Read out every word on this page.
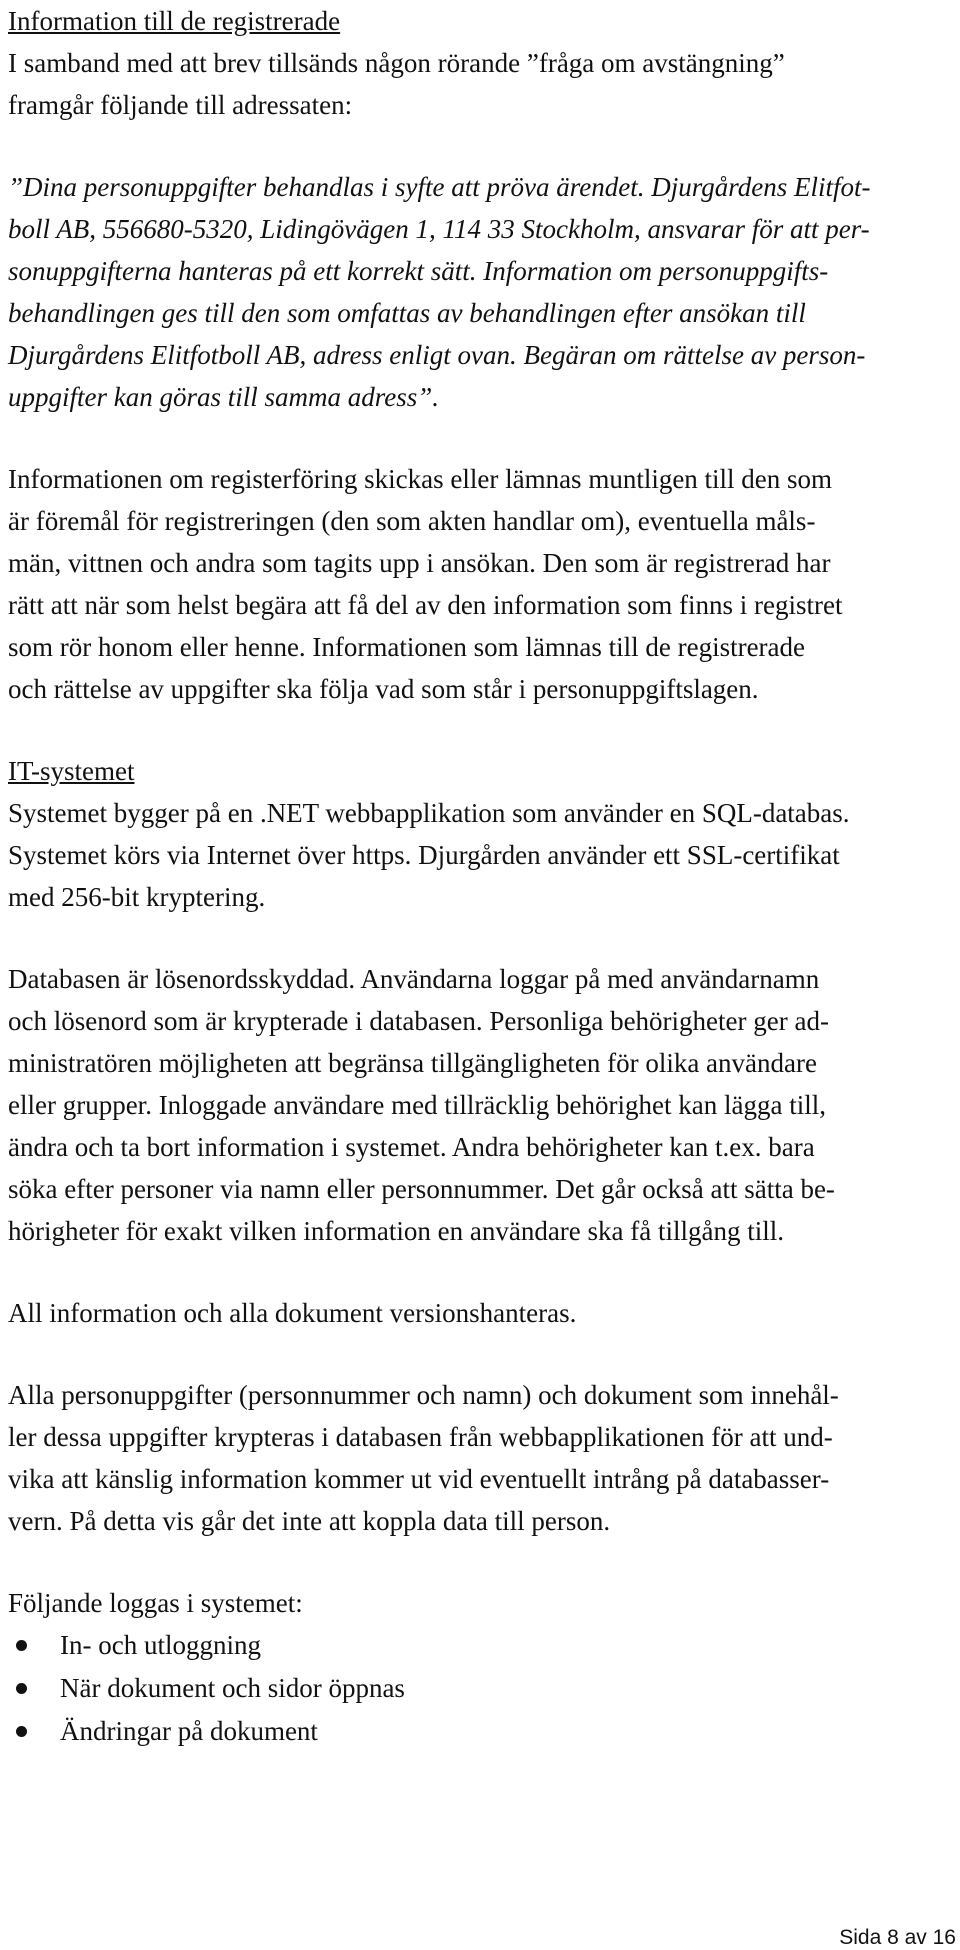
Information till de registrerade

I samband med att brev tillsänds någon rörande ”fråga om avstängning”

framgår följande till adressaten:

”Dina personuppgifter behandlas i syfte att pröva ärendet. Djurgårdens Elitfot-

boll AB, 556680-5320, Lidingövägen 1, 114 33 Stockholm, ansvarar för att per-

sonuppgifterna hanteras på ett korrekt sätt. Information om personuppgifts-

behandlingen ges till den som omfattas av behandlingen efter ansökan till

Djurgårdens Elitfotboll AB, adress enligt ovan. Begäran om rättelse av person-

uppgifter kan göras till samma adress”.

Informationen om registerföring skickas eller lämnas muntligen till den som

är föremål för registreringen (den som akten handlar om), eventuella måls-

män, vittnen och andra som tagits upp i ansökan. Den som är registrerad har

rätt att när som helst begära att få del av den information som finns i registret

som rör honom eller henne. Informationen som lämnas till de registrerade

och rättelse av uppgifter ska följa vad som står i personuppgiftslagen.

IT-systemet

Systemet bygger på en .NET webbapplikation som använder en SQL-databas.

Systemet körs via Internet över https. Djurgården använder ett SSL-certifikat

med 256-bit kryptering.

Databasen är lösenordsskyddad. Användarna loggar på med användarnamn

och lösenord som är krypterade i databasen. Personliga behörigheter ger ad-

ministratören möjligheten att begränsa tillgängligheten för olika användare

eller grupper. Inloggade användare med tillräcklig behörighet kan lägga till,

ändra och ta bort information i systemet. Andra behörigheter kan t.ex. bara

söka efter personer via namn eller personnummer. Det går också att sätta be-

hörigheter för exakt vilken information en användare ska få tillgång till.

All information och alla dokument versionshanteras.

Alla personuppgifter (personnummer och namn) och dokument som innehål-

ler dessa uppgifter krypteras i databasen från webbapplikationen för att und-

vika att känslig information kommer ut vid eventuellt intrång på databasser-

vern. På detta vis går det inte att koppla data till person.

Följande loggas i systemet:

In- och utloggning
När dokument och sidor öppnas
Ändringar på dokument
Sida 8 av 16
